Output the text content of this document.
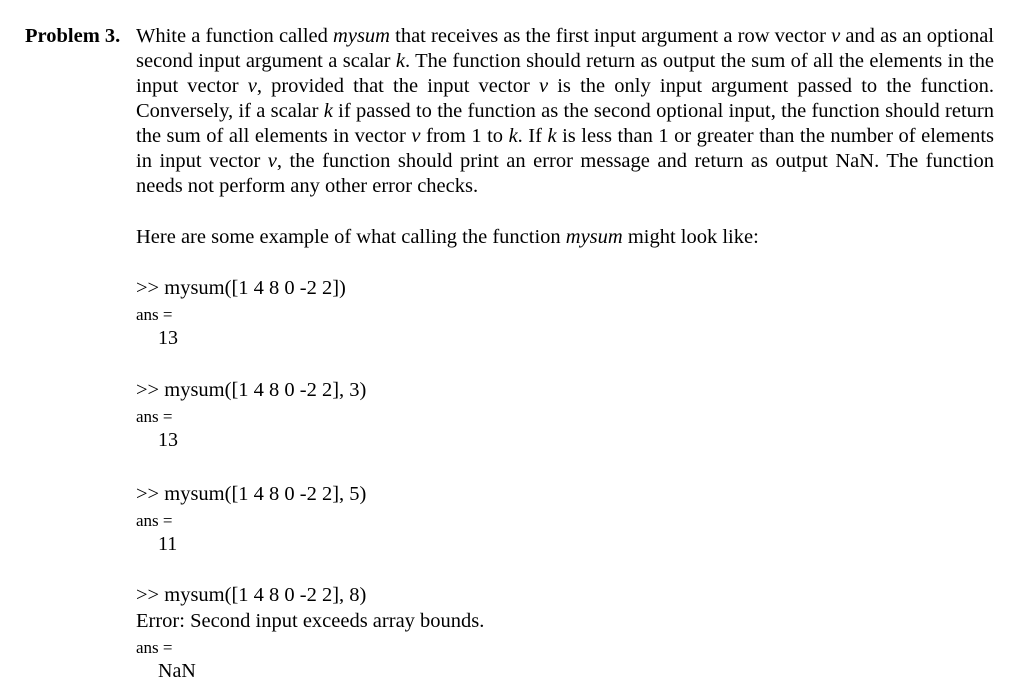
Problem 3. White a function called mysum that receives as the first input argument a row vector v and as an optional second input argument a scalar k. The function should return as output the sum of all the elements in the input vector v, provided that the input vector v is the only input argument passed to the function. Conversely, if a scalar k if passed to the function as the second optional input, the function should return the sum of all elements in vector v from 1 to k. If k is less than 1 or greater than the number of elements in input vector v, the function should print an error message and return as output NaN. The function needs not perform any other error checks.
Here are some example of what calling the function mysum might look like:
>> mysum([1 4 8 0 -2 2])
ans =
13
>> mysum([1 4 8 0 -2 2], 3)
ans =
13
>> mysum([1 4 8 0 -2 2], 5)
ans =
11
>> mysum([1 4 8 0 -2 2], 8)
Error: Second input exceeds array bounds.
ans =
NaN
